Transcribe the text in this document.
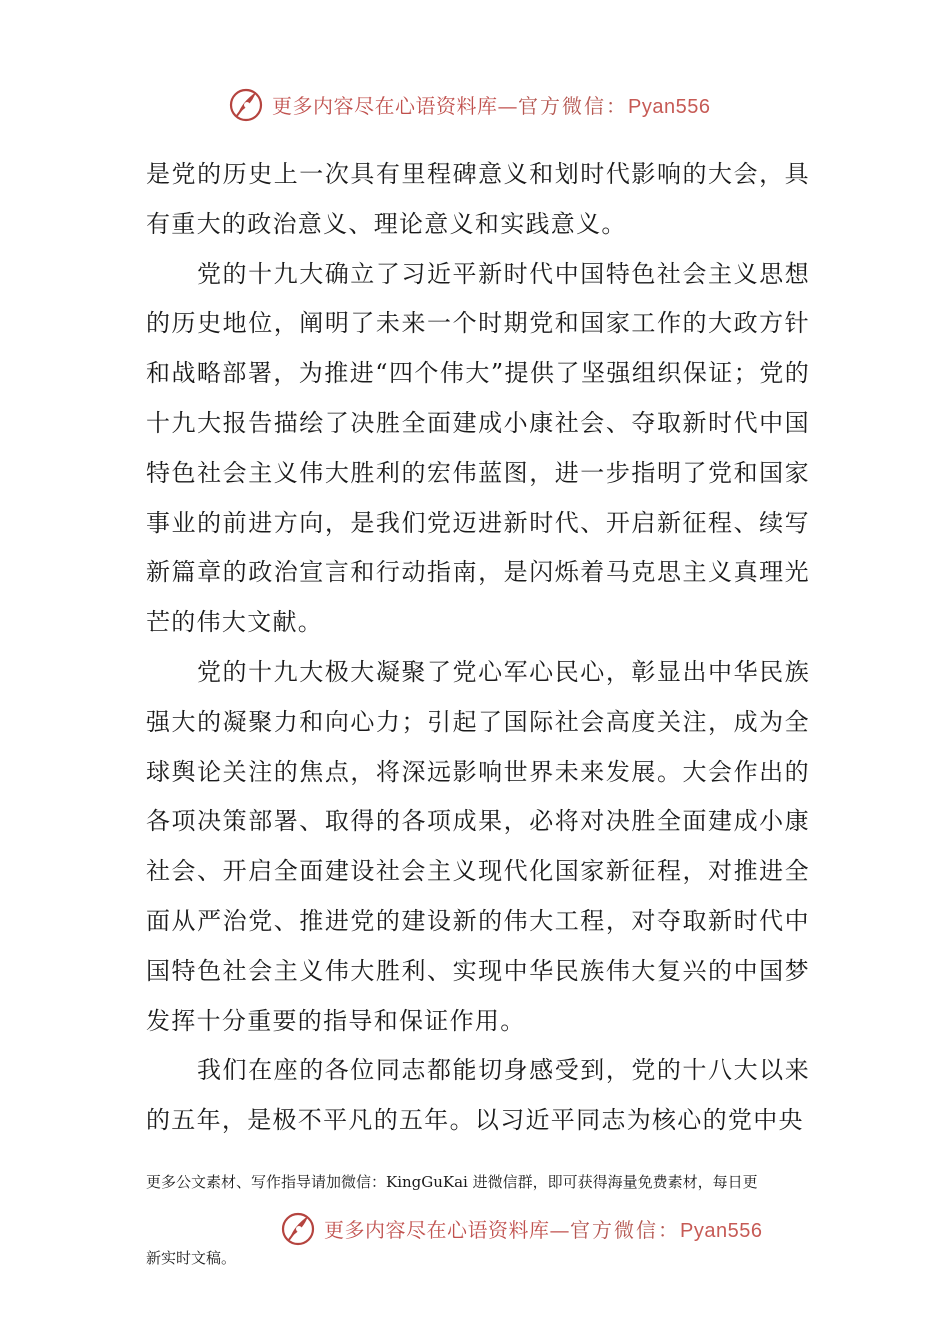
更多内容尽在心语资料库—官方微信：Pyan556

是党的历史上一次具有里程碑意义和划时代影响的大会，具有重大的政治意义、理论意义和实践意义。

党的十九大确立了习近平新时代中国特色社会主义思想的历史地位，阐明了未来一个时期党和国家工作的大政方针和战略部署，为推进“四个伟大”提供了坚强组织保证；党的十九大报告描绘了决胜全面建成小康社会、夺取新时代中国特色社会主义伟大胜利的宏伟蓝图，进一步指明了党和国家事业的前进方向，是我们党迈进新时代、开启新征程、续写新篇章的政治宣言和行动指南，是闪烁着马克思主义真理光芒的伟大文献。

党的十九大极大凝聚了党心军心民心，彰显出中华民族强大的凝聚力和向心力；引起了国际社会高度关注，成为全球舆论关注的焦点，将深远影响世界未来发展。大会作出的各项决策部署、取得的各项成果，必将对决胜全面建成小康社会、开启全面建设社会主义现代化国家新征程，对推进全面从严治党、推进党的建设新的伟大工程，对夺取新时代中国特色社会主义伟大胜利、实现中华民族伟大复兴的中国梦发挥十分重要的指导和保证作用。

我们在座的各位同志都能切身感受到，党的十八大以来的五年，是极不平凡的五年。以习近平同志为核心的党中央

更多公文素材、写作指导请加微信：KingGuKai 进微信群，即可获得海量免费素材，每日更
更多内容尽在心语资料库—官方微信：Pyan556
新实时文稿。
